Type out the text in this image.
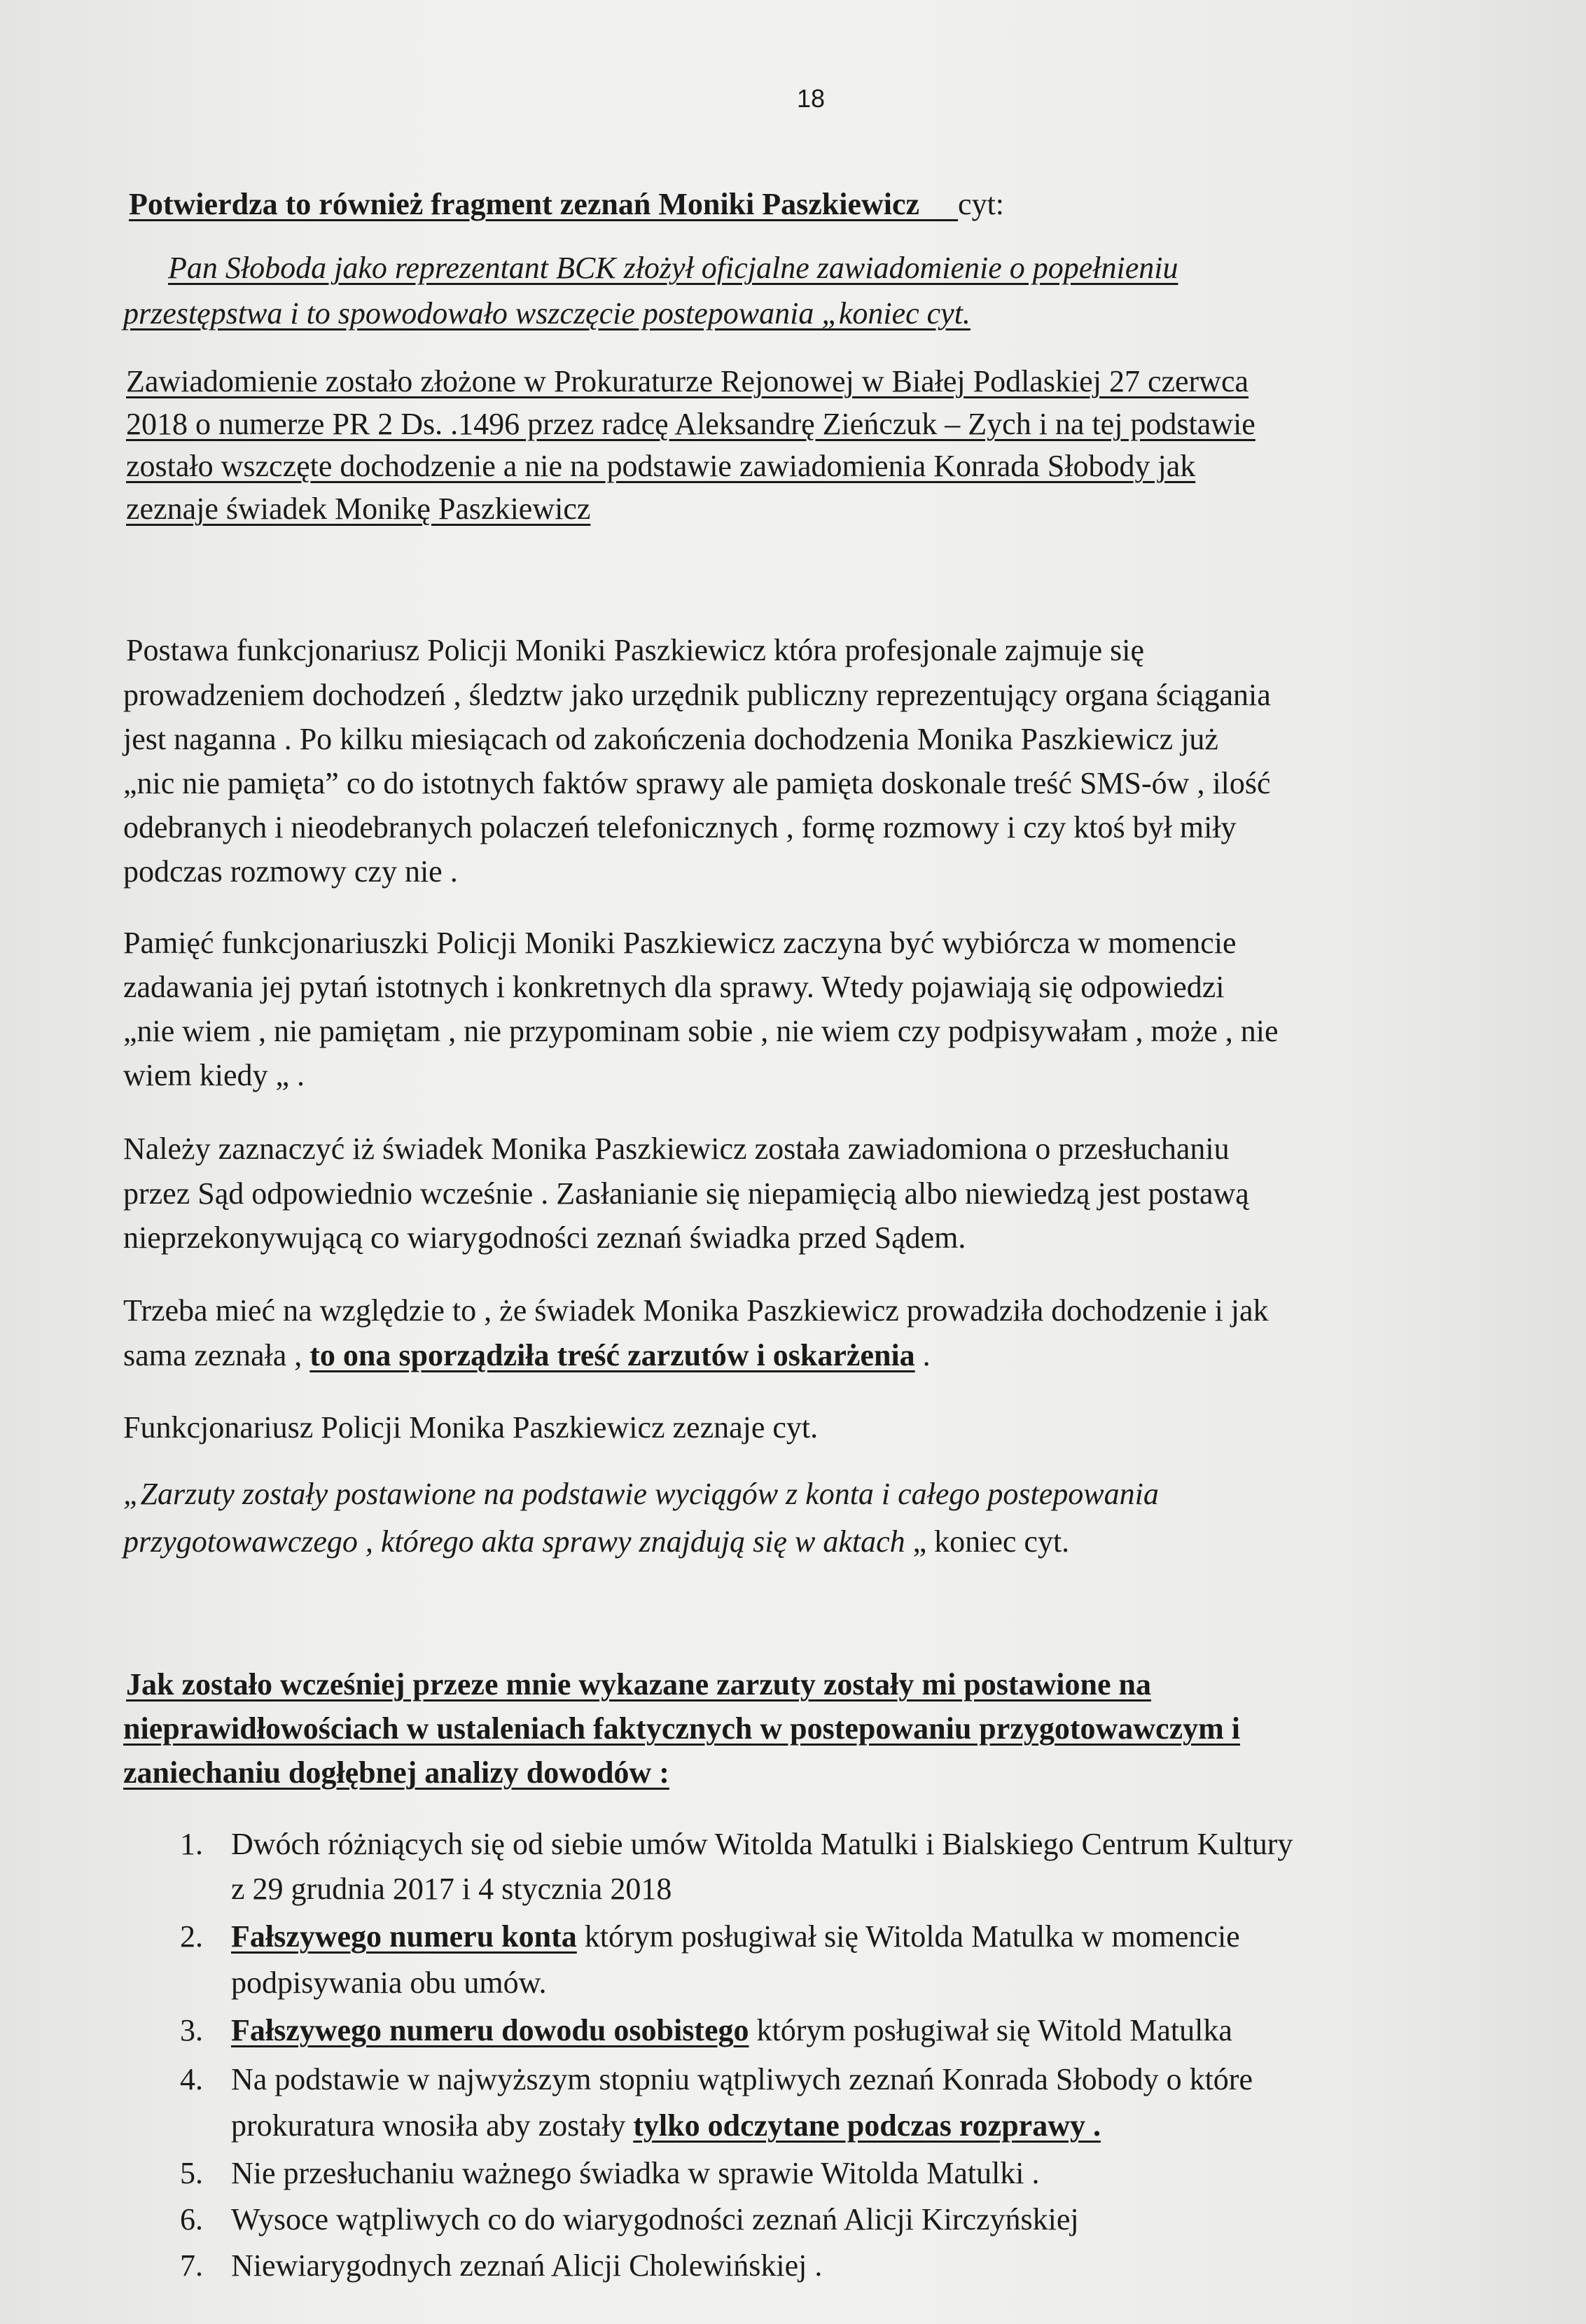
18
Potwierdza to również fragment zeznań Moniki Paszkiewicz cyt:
Pan Słoboda jako reprezentant BCK złożył oficjalne zawiadomienie o popełnieniu
przestępstwa i to spowodowało wszczęcie postepowania „koniec cyt.
Zawiadomienie zostało złożone w Prokuraturze Rejonowej w Białej Podlaskiej 27 czerwca
2018 o numerze PR 2 Ds. .1496 przez radcę Aleksandrę Zieńczuk – Zych i na tej podstawie
zostało wszczęte dochodzenie a nie na podstawie zawiadomienia Konrada Słobody jak
zeznaje świadek Monikę Paszkiewicz
Postawa funkcjonariusz Policji Moniki Paszkiewicz która profesjonale zajmuje się
prowadzeniem dochodzeń , śledztw jako urzędnik publiczny reprezentujący organa ściągania
jest naganna . Po kilku miesiącach od zakończenia dochodzenia Monika Paszkiewicz już
„nic nie pamięta” co do istotnych faktów sprawy ale pamięta doskonale treść SMS-ów , ilość
odebranych i nieodebranych polaczeń telefonicznych , formę rozmowy i czy ktoś był miły
podczas rozmowy czy nie .
Pamięć funkcjonariuszki Policji Moniki Paszkiewicz zaczyna być wybiórcza w momencie
zadawania jej pytań istotnych i konkretnych dla sprawy. Wtedy pojawiają się odpowiedzi
„nie wiem , nie pamiętam , nie przypominam sobie , nie wiem czy podpisywałam , może , nie
wiem kiedy „ .
Należy zaznaczyć iż świadek Monika Paszkiewicz została zawiadomiona o przesłuchaniu
przez Sąd odpowiednio wcześnie . Zasłanianie się niepamięcią albo niewiedzą jest postawą
nieprzekonywującą co wiarygodności zeznań świadka przed Sądem.
Trzeba mieć na względzie to , że świadek Monika Paszkiewicz prowadziła dochodzenie i jak
sama zeznała , to ona sporządziła treść zarzutów i oskarżenia .
Funkcjonariusz Policji Monika Paszkiewicz zeznaje cyt.
„Zarzuty zostały postawione na podstawie wyciągów z konta i całego postepowania
przygotowawczego , którego akta sprawy znajdują się w aktach „ koniec cyt.
Jak zostało wcześniej przeze mnie wykazane zarzuty zostały mi postawione na
nieprawidłowościach w ustaleniach faktycznych w postepowaniu przygotowawczym i
zaniechaniu dogłębnej analizy dowodów :
1. Dwóch różniących się od siebie umów Witolda Matulki i Bialskiego Centrum Kultury
z 29 grudnia 2017 i 4 stycznia 2018
2. Fałszywego numeru konta którym posługiwał się Witolda Matulka w momencie
podpisywania obu umów.
3. Fałszywego numeru dowodu osobistego którym posługiwał się Witold Matulka
4. Na podstawie w najwyższym stopniu wątpliwych zeznań Konrada Słobody o które
prokuratura wnosiła aby zostały tylko odczytane podczas rozprawy .
5. Nie przesłuchaniu ważnego świadka w sprawie Witolda Matulki .
6. Wysoce wątpliwych co do wiarygodności zeznań Alicji Kirczyńskiej
7. Niewiarygodnych zeznań Alicji Cholewińskiej .
